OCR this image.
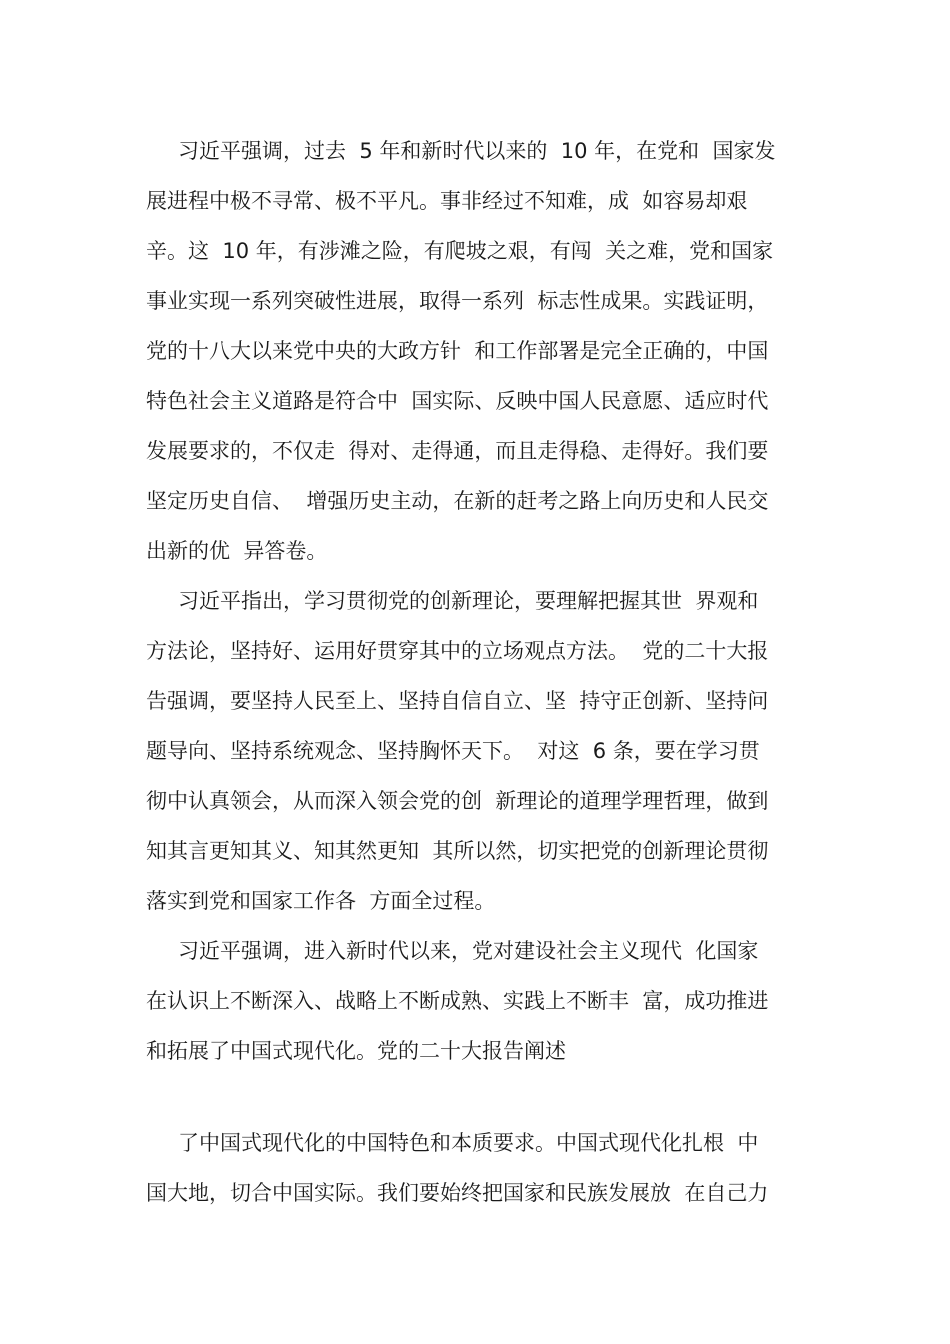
习近平强调，过去  5 年和新时代以来的  10 年，在党和  国家发
展进程中极不寻常、极不平凡。事非经过不知难，成  如容易却艰
辛。这  10 年，有涉滩之险，有爬坡之艰，有闯  关之难，党和国家
事业实现一系列突破性进展，取得一系列  标志性成果。实践证明，
党的十八大以来党中央的大政方针  和工作部署是完全正确的，中国
特色社会主义道路是符合中  国实际、反映中国人民意愿、适应时代
发展要求的，不仅走  得对、走得通，而且走得稳、走得好。我们要
坚定历史自信、  增强历史主动，在新的赶考之路上向历史和人民交
出新的优  异答卷。
习近平指出，学习贯彻党的创新理论，要理解把握其世  界观和
方法论，坚持好、运用好贯穿其中的立场观点方法。  党的二十大报
告强调，要坚持人民至上、坚持自信自立、坚  持守正创新、坚持问
题导向、坚持系统观念、坚持胸怀天下。  对这  6 条，要在学习贯
彻中认真领会，从而深入领会党的创  新理论的道理学理哲理，做到
知其言更知其义、知其然更知  其所以然，切实把党的创新理论贯彻
落实到党和国家工作各  方面全过程。
习近平强调，进入新时代以来，党对建设社会主义现代  化国家
在认识上不断深入、战略上不断成熟、实践上不断丰  富，成功推进
和拓展了中国式现代化。党的二十大报告阐述
了中国式现代化的中国特色和本质要求。中国式现代化扎根  中
国大地，切合中国实际。我们要始终把国家和民族发展放  在自己力
